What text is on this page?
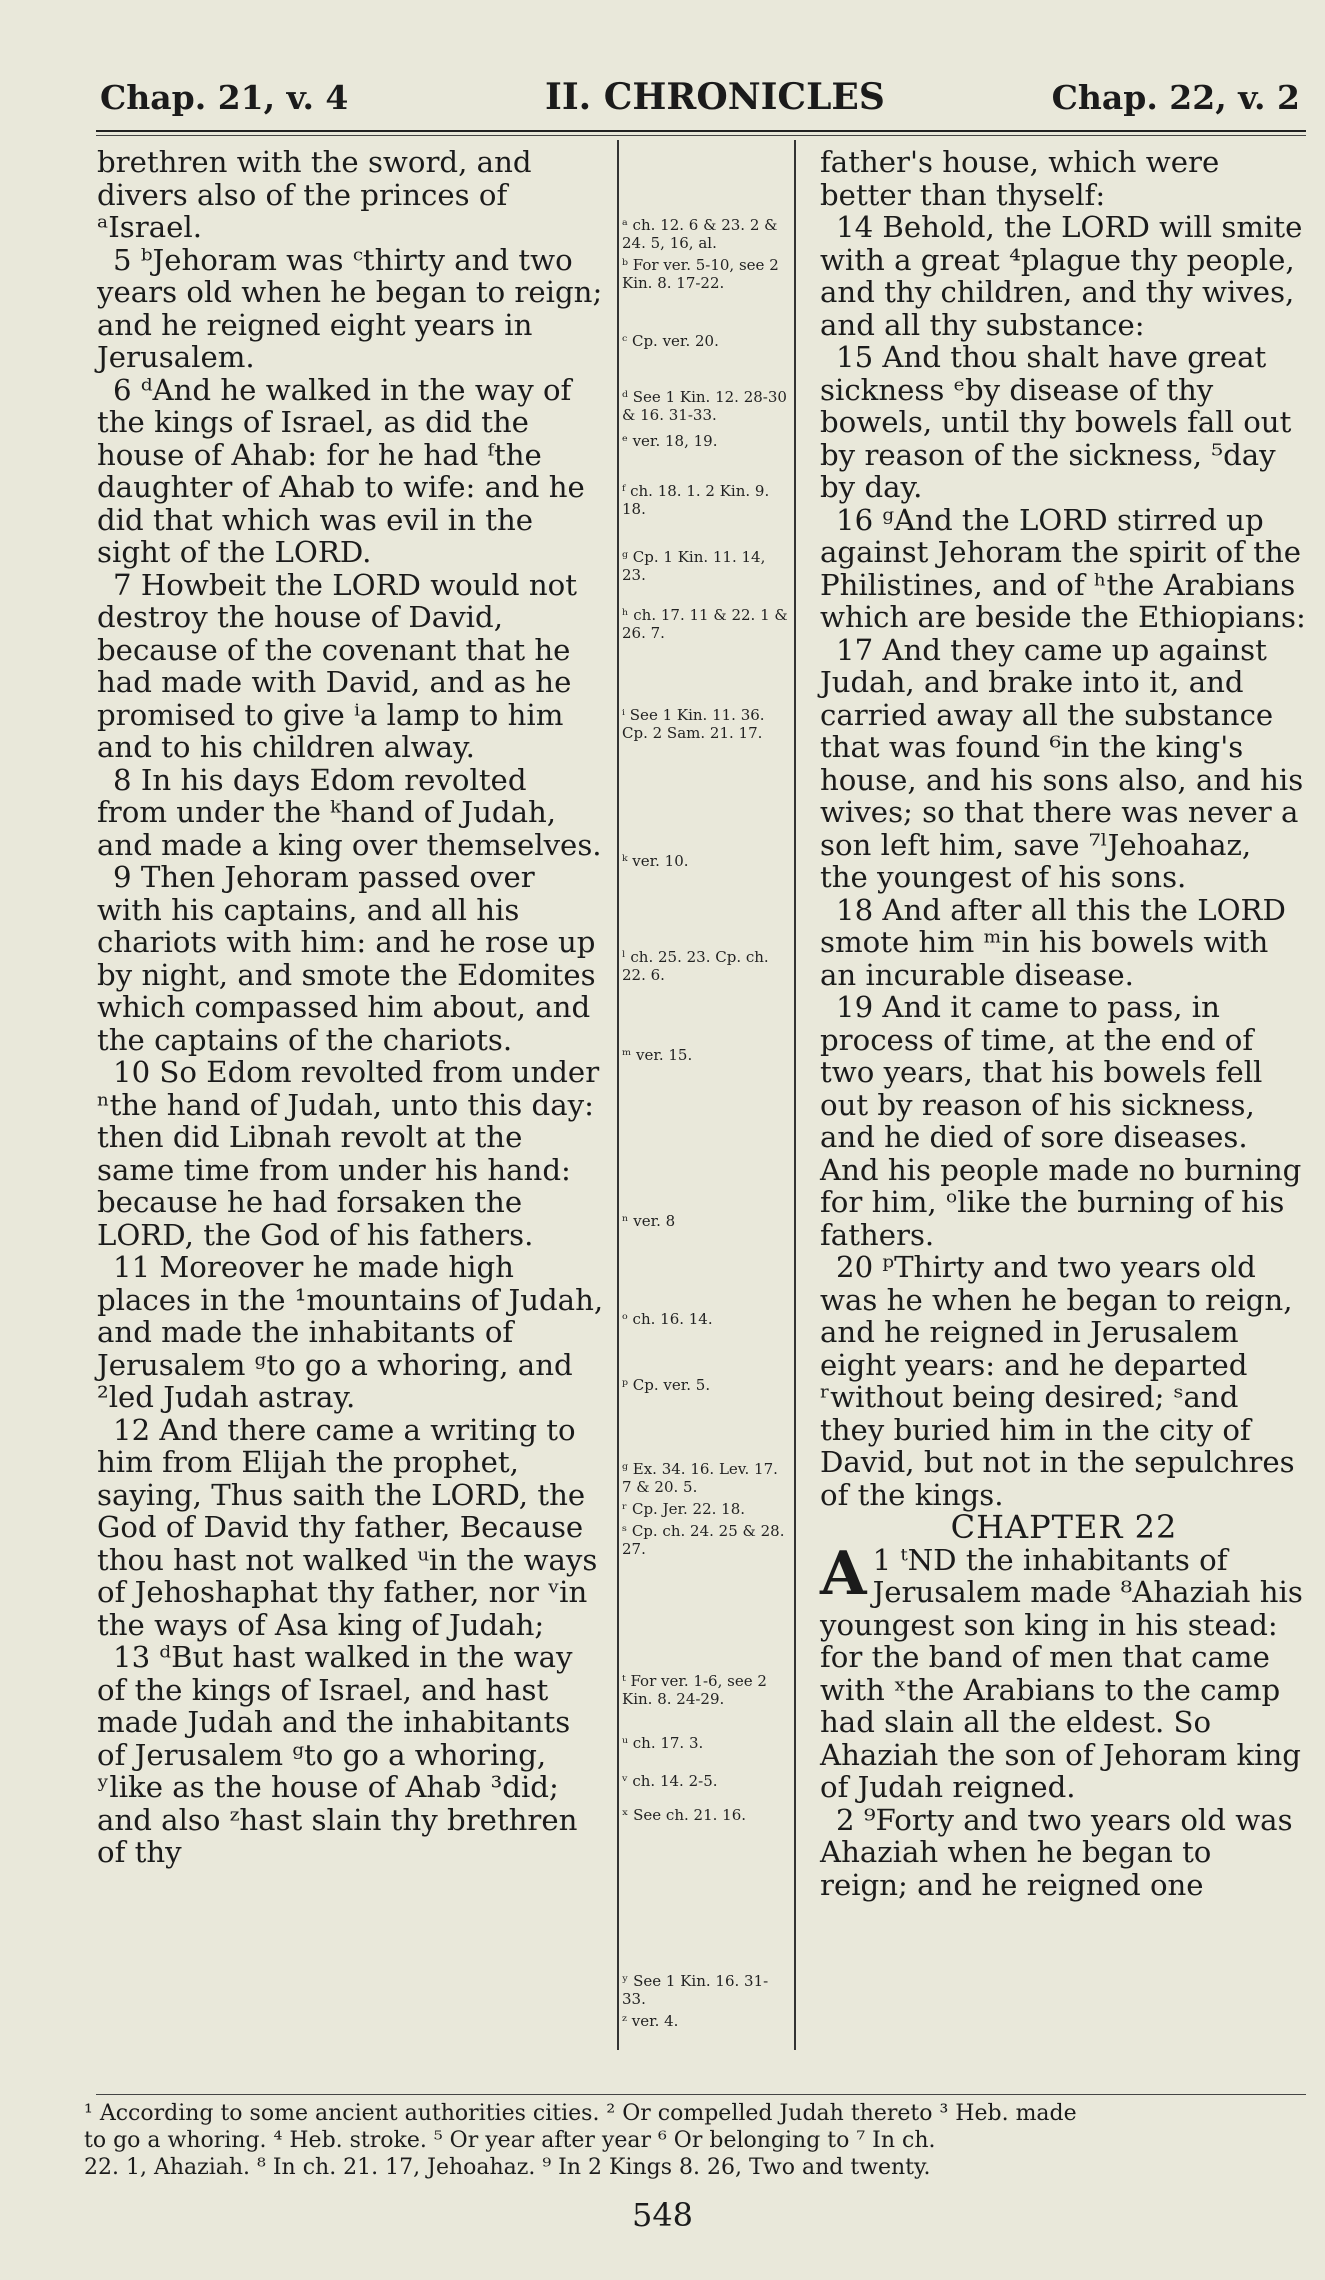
Chap. 21, v. 4	II. CHRONICLES	Chap. 22, v. 2

brethren with the sword, and divers also of the princes of ᵃIsrael.

5 ᵇJehoram was ᶜthirty and two years old when he began to reign; and he reigned eight years in Jerusalem.

6 ᵈAnd he walked in the way of the kings of Israel, as did the house of Ahab: for he had ᶠthe daughter of Ahab to wife: and he did that which was evil in the sight of the LORD.

7 Howbeit the LORD would not destroy the house of David, because of the covenant that he had made with David, and as he promised to give ⁱa lamp to him and to his children alway.

8 In his days Edom revolted from under the ᵏhand of Judah, and made a king over themselves.

9 Then Jehoram passed over with his captains, and all his chariots with him: and he rose up by night, and smote the Edomites which compassed him about, and the captains of the chariots.

10 So Edom revolted from under ⁿthe hand of Judah, unto this day: then did Libnah revolt at the same time from under his hand: because he had forsaken the LORD, the God of his fathers.

11 Moreover he made high places in the ¹mountains of Judah, and made the inhabitants of Jerusalem ᵍto go a whoring, and ²led Judah astray.

12 And there came a writing to him from Elijah the prophet, saying, Thus saith the LORD, the God of David thy father, Because thou hast not walked ᵘin the ways of Jehoshaphat thy father, nor ᵛin the ways of Asa king of Judah;

13 ᵈBut hast walked in the way of the kings of Israel, and hast made Judah and the inhabitants of Jerusalem ᵍto go a whoring, ʸlike as the house of Ahab ³did; and also ᶻhast slain thy brethren of thy

ᵃ ch. 12. 6 & 23. 2 & 24. 5, 16, al.
ᵇ For ver. 5-10, see 2 Kin. 8. 17-22.
ᶜ Cp. ver. 20.
ᵈ See 1 Kin. 12. 28-30 & 16. 31-33.
ᵉ ver. 18, 19.
ᶠ ch. 18. 1. 2 Kin. 9. 18.
ᵍ Cp. 1 Kin. 11. 14, 23.
ʰ ch. 17. 11 & 22. 1 & 26. 7.
ⁱ See 1 Kin. 11. 36. Cp. 2 Sam. 21. 17.
ᵏ ver. 10.
ˡ ch. 25. 23. Cp. ch. 22. 6.
ᵐ ver. 15.
ⁿ ver. 8
ᵒ ch. 16. 14.
ᵖ Cp. ver. 5.
ᵍ Ex. 34. 16. Lev. 17. 7 & 20. 5.
ʳ Cp. Jer. 22. 18.
ˢ Cp. ch. 24. 25 & 28. 27.
ᵗ For ver. 1-6, see 2 Kin. 8. 24-29.
ᵘ ch. 17. 3.
ᵛ ch. 14. 2-5.
ˣ See ch. 21. 16.
ʸ See 1 Kin. 16. 31-33.
ᶻ ver. 4.

father's house, which were better than thyself:

14 Behold, the LORD will smite with a great ⁴plague thy people, and thy children, and thy wives, and all thy substance:

15 And thou shalt have great sickness ᵉby disease of thy bowels, until thy bowels fall out by reason of the sickness, ⁵day by day.

16 ᵍAnd the LORD stirred up against Jehoram the spirit of the Philistines, and of ʰthe Arabians which are beside the Ethiopians:

17 And they came up against Judah, and brake into it, and carried away all the substance that was found ⁶in the king's house, and his sons also, and his wives; so that there was never a son left him, save ⁷ˡJehoahaz, the youngest of his sons.

18 And after all this the LORD smote him ᵐin his bowels with an incurable disease.

19 And it came to pass, in process of time, at the end of two years, that his bowels fell out by reason of his sickness, and he died of sore diseases. And his people made no burning for him, ᵒlike the burning of his fathers.

20 ᵖThirty and two years old was he when he began to reign, and he reigned in Jerusalem eight years: and he departed ʳwithout being desired; ˢand they buried him in the city of David, but not in the sepulchres of the kings.

CHAPTER 22

1 ᵗ
A ND the inhabitants of Jerusalem made ⁸Ahaziah his youngest son king in his stead: for the band of men that came with ˣthe Arabians to the camp had slain all the eldest. So Ahaziah the son of Jehoram king of Judah reigned.

2 ⁹Forty and two years old was Ahaziah when he began to reign; and he reigned one

¹ According to some ancient authorities cities. ² Or compelled Judah thereto ³ Heb. made
to go a whoring. ⁴ Heb. stroke. ⁵ Or year after year ⁶ Or belonging to ⁷ In ch.
22. 1, Ahaziah. ⁸ In ch. 21. 17, Jehoahaz. ⁹ In 2 Kings 8. 26, Two and twenty.
548
